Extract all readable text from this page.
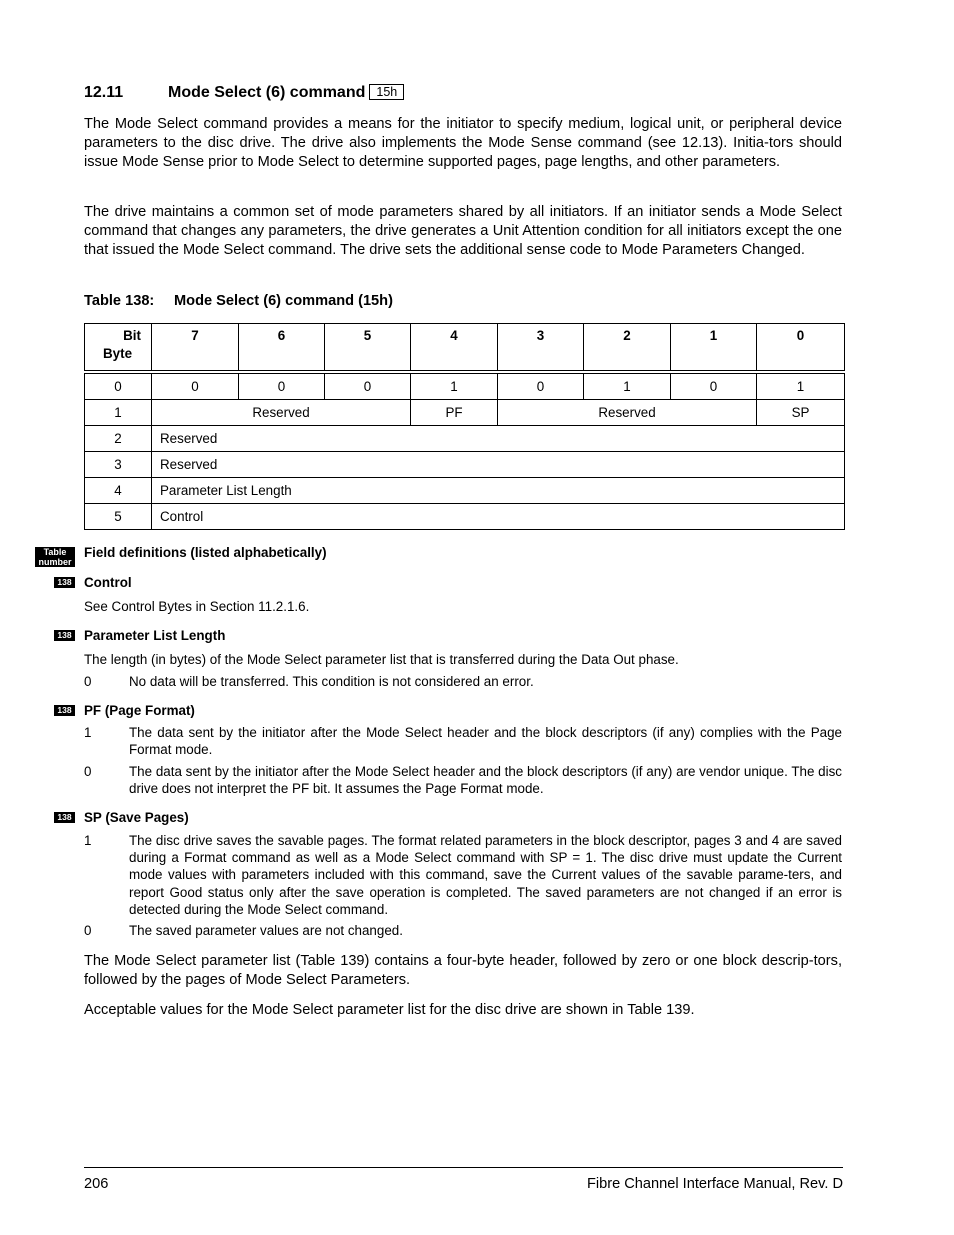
12.11	Mode Select (6) command 15h
The Mode Select command provides a means for the initiator to specify medium, logical unit, or peripheral device parameters to the disc drive. The drive also implements the Mode Sense command (see 12.13). Initia-tors should issue Mode Sense prior to Mode Select to determine supported pages, page lengths, and other parameters.
The drive maintains a common set of mode parameters shared by all initiators. If an initiator sends a Mode Select command that changes any parameters, the drive generates a Unit Attention condition for all initiators except the one that issued the Mode Select command. The drive sets the additional sense code to Mode Parameters Changed.
Table 138: Mode Select (6) command (15h)
Bit
Byte	7	6	5	4	3	2	1	0
0	0	0	0	1	0	1	0	1
1	Reserved			PF	Reserved			SP
2	Reserved							
3	Reserved							
4	Parameter List Length							
5	Control							
Table
number
Field definitions (listed alphabetically)
138 Control
See Control Bytes in Section 11.2.1.6.
138 Parameter List Length
The length (in bytes) of the Mode Select parameter list that is transferred during the Data Out phase.
0	No data will be transferred. This condition is not considered an error.
138 PF (Page Format)
1	The data sent by the initiator after the Mode Select header and the block descriptors (if any) complies with the Page Format mode.
0	The data sent by the initiator after the Mode Select header and the block descriptors (if any) are vendor unique. The disc drive does not interpret the PF bit. It assumes the Page Format mode.
138 SP (Save Pages)
1	The disc drive saves the savable pages. The format related parameters in the block descriptor, pages 3 and 4 are saved during a Format command as well as a Mode Select command with SP = 1. The disc drive must update the Current mode values with parameters included with this command, save the Current values of the savable parame-ters, and report Good status only after the save operation is completed. The saved parameters are not changed if an error is detected during the Mode Select command.
0	The saved parameter values are not changed.
The Mode Select parameter list (Table 139) contains a four-byte header, followed by zero or one block descrip-tors, followed by the pages of Mode Select Parameters.
Acceptable values for the Mode Select parameter list for the disc drive are shown in Table 139.
206	Fibre Channel Interface Manual, Rev. D
